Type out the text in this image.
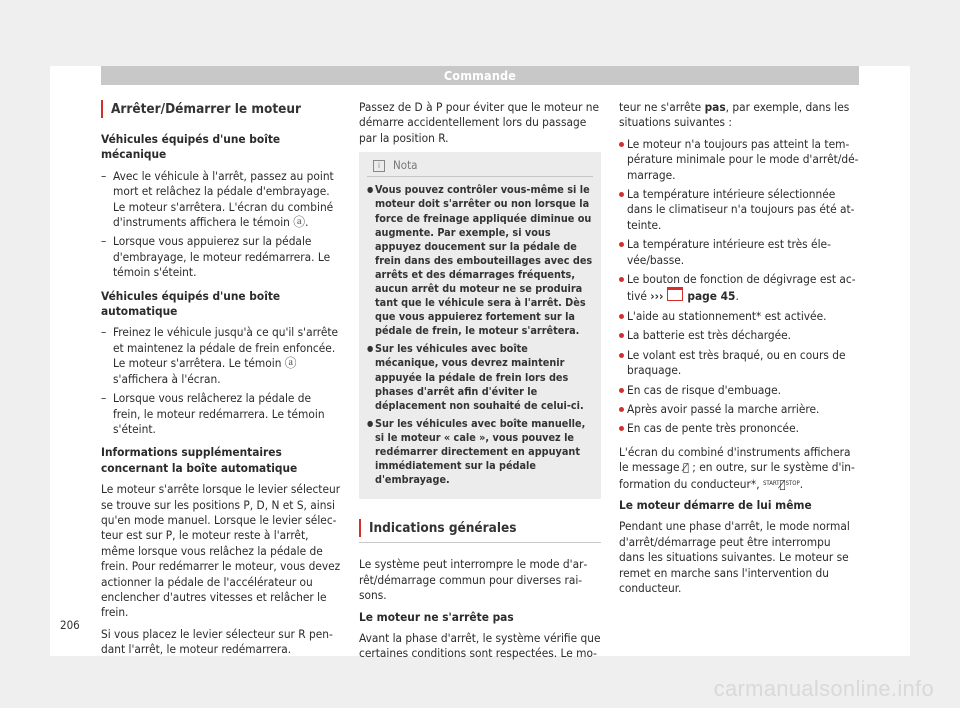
Commande
Arrêter/Démarrer le moteur

Véhicules équipés d'une boîte mécanique

– Avec le véhicule à l'arrêt, passez au point mort et relâchez la pédale d'embrayage. Le moteur s'arrêtera. L'écran du combiné d'instruments affichera le témoin ⓐ.
– Lorsque vous appuierez sur la pédale d'embrayage, le moteur redémarrera. Le témoin s'éteint.

Véhicules équipés d'une boîte automatique

– Freinez le véhicule jusqu'à ce qu'il s'arrête et maintenez la pédale de frein enfoncée. Le moteur s'arrêtera. Le témoin ⓐ s'affichera à l'écran.
– Lorsque vous relâcherez la pédale de frein, le moteur redémarrera. Le témoin s'éteint.

Informations supplémentaires concernant la boîte automatique

Le moteur s'arrête lorsque le levier sélecteur se trouve sur les positions P, D, N et S, ainsi qu'en mode manuel. Lorsque le levier sélecteur est sur P, le moteur reste à l'arrêt, même lorsque vous relâchez la pédale de frein. Pour redémarrer le moteur, vous devez actionner la pédale de l'accélérateur ou enclencher d'autres vitesses et relâcher le frein.

Si vous placez le levier sélecteur sur R pendant l'arrêt, le moteur redémarrera.

Passez de D à P pour éviter que le moteur ne démarre accidentellement lors du passage par la position R.

i Nota
● Vous pouvez contrôler vous-même si le moteur doit s'arrêter ou non lorsque la force de freinage appliquée diminue ou augmente. Par exemple, si vous appuyez doucement sur la pédale de frein dans des embouteillages avec des arrêts et des démarrages fréquents, aucun arrêt du moteur ne se produira tant que le véhicule sera à l'arrêt. Dès que vous appuierez fortement sur la pédale de frein, le moteur s'arrêtera.
● Sur les véhicules avec boîte mécanique, vous devrez maintenir appuyée la pédale de frein lors des phases d'arrêt afin d'éviter le déplacement non souhaité de celui-ci.
● Sur les véhicules avec boîte manuelle, si le moteur « cale », vous pouvez le redémarrer directement en appuyant immédiatement sur la pédale d'embrayage.
Indications générales

Le système peut interrompre le mode d'arrêt/démarrage commun pour diverses raisons.

Le moteur ne s'arrête pas

Avant la phase d'arrêt, le système vérifie que certaines conditions sont respectées. Le mo-

teur ne s'arrête pas, par exemple, dans les situations suivantes :

Le moteur n'a toujours pas atteint la température minimale pour le mode d'arrêt/démarrage.
La température intérieure sélectionnée dans le climatiseur n'a toujours pas été atteinte.
La température intérieure est très élevée/basse.
Le bouton de fonction de dégivrage est activé ››› page 45.
L'aide au stationnement* est activée.
La batterie est très déchargée.
Le volant est très braqué, ou en cours de braquage.
En cas de risque d'embuage.
Après avoir passé la marche arrière.
En cas de pente très prononcée.

L'écran du combiné d'instruments affichera le message Ⓐ̸ ; en outre, sur le système d'information du conducteur*, $^{START}$Ⓐ̸$^{STOP}$.

Le moteur démarre de lui même

Pendant une phase d'arrêt, le mode normal d'arrêt/démarrage peut être interrompu dans les situations suivantes. Le moteur se remet en marche sans l'intervention du conducteur.

206
carmanualsonline.info
